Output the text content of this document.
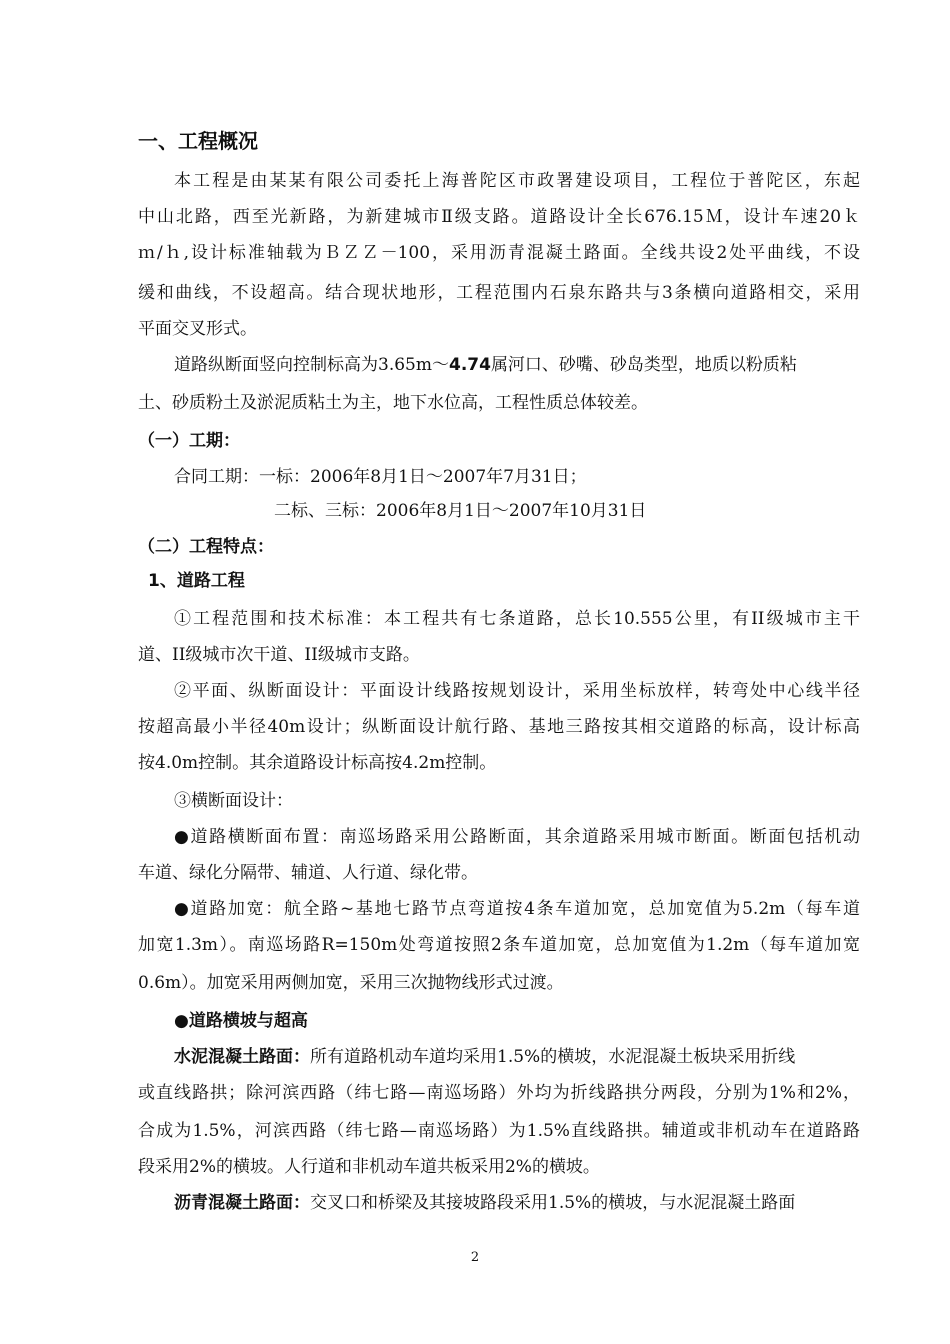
一、工程概况
本工程是由某某有限公司委托上海普陀区市政署建设项目，工程位于普陀区，东起
中山北路，西至光新路，为新建城市Ⅱ级支路。道路设计全长676.15Ｍ，设计车速20ｋ
ｍ/ｈ,设计标准轴载为ＢＺＺ－100，采用沥青混凝土路面。全线共设2处平曲线，不设
缓和曲线，不设超高。结合现状地形，工程范围内石泉东路共与3条横向道路相交，采用
平面交叉形式。
道路纵断面竖向控制标高为3.65m～4.74属河口、砂嘴、砂岛类型，地质以粉质粘
土、砂质粉土及淤泥质粘土为主，地下水位高，工程性质总体较差。
（一）工期：
合同工期：一标：2006年8月1日～2007年7月31日；
二标、三标：2006年8月1日～2007年10月31日
（二）工程特点：
1、道路工程
①工程范围和技术标准：本工程共有七条道路，总长10.555公里，有II级城市主干
道、II级城市次干道、II级城市支路。
②平面、纵断面设计：平面设计线路按规划设计，采用坐标放样，转弯处中心线半径
按超高最小半径40m设计；纵断面设计航行路、基地三路按其相交道路的标高，设计标高
按4.0m控制。其余道路设计标高按4.2m控制。
③横断面设计：
●道路横断面布置：南巡场路采用公路断面，其余道路采用城市断面。断面包括机动
车道、绿化分隔带、辅道、人行道、绿化带。
●道路加宽：航全路~基地七路节点弯道按4条车道加宽，总加宽值为5.2m（每车道
加宽1.3m）。南巡场路R=150m处弯道按照2条车道加宽，总加宽值为1.2m（每车道加宽
0.6m）。加宽采用两侧加宽，采用三次抛物线形式过渡。
●道路横坡与超高
水泥混凝土路面：所有道路机动车道均采用1.5%的横坡，水泥混凝土板块采用折线
或直线路拱；除河滨西路（纬七路—南巡场路）外均为折线路拱分两段，分别为1%和2%，
合成为1.5%，河滨西路（纬七路—南巡场路）为1.5%直线路拱。辅道或非机动车在道路路
段采用2%的横坡。人行道和非机动车道共板采用2%的横坡。
沥青混凝土路面：交叉口和桥梁及其接坡路段采用1.5%的横坡，与水泥混凝土路面
2
